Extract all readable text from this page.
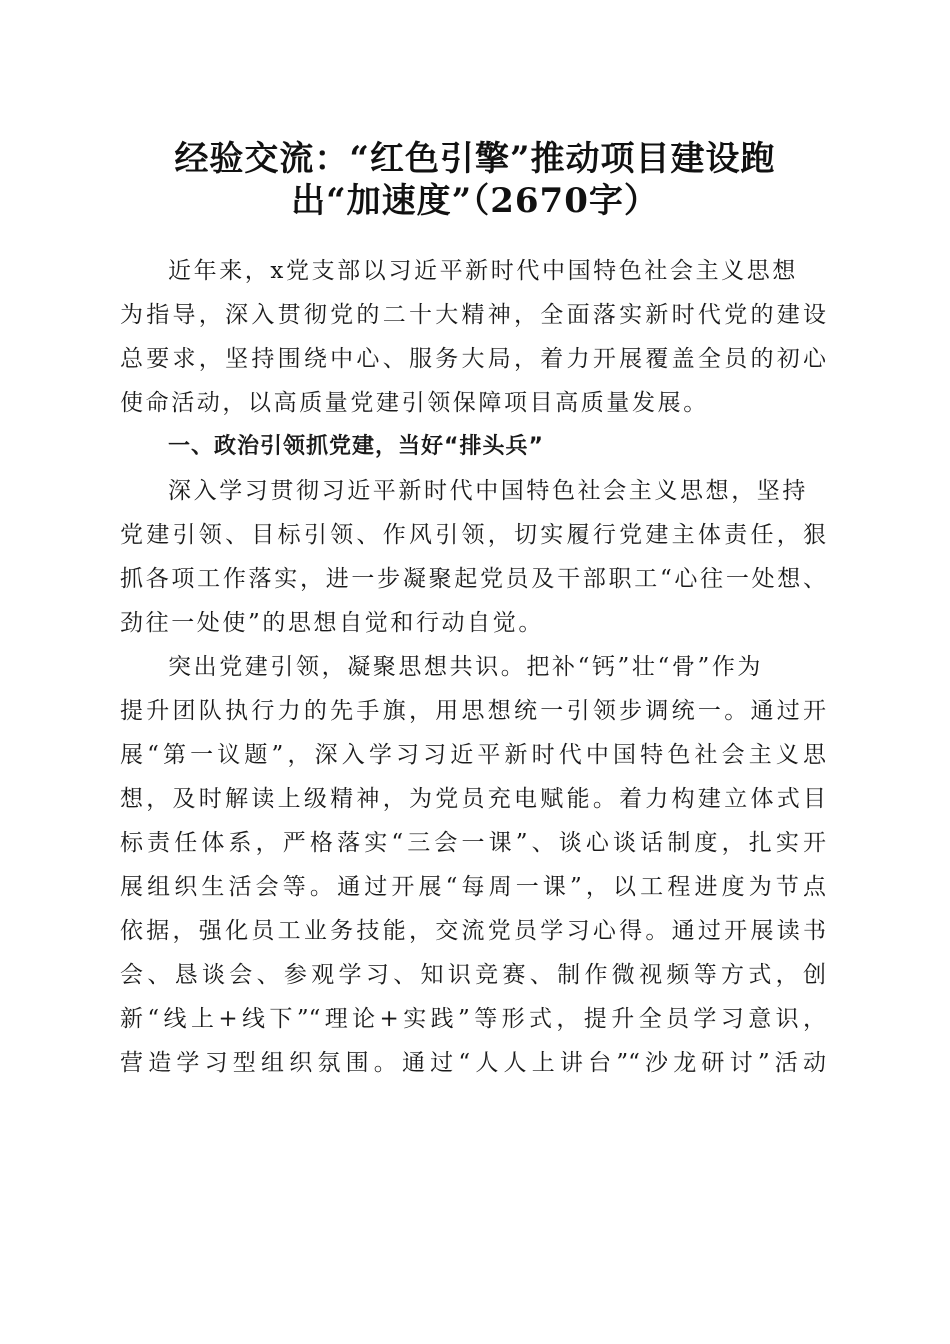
经验交流：“红色引擎”推动项目建设跑
出“加速度”（2670字）
近年来，x党支部以习近平新时代中国特色社会主义思想
为指导，深入贯彻党的二十大精神，全面落实新时代党的建设
总要求，坚持围绕中心、服务大局，着力开展覆盖全员的初心
使命活动，以高质量党建引领保障项目高质量发展。
一、政治引领抓党建，当好“排头兵”
深入学习贯彻习近平新时代中国特色社会主义思想，坚持
党建引领、目标引领、作风引领，切实履行党建主体责任，狠
抓各项工作落实，进一步凝聚起党员及干部职工“心往一处想、
劲往一处使”的思想自觉和行动自觉。
突出党建引领，凝聚思想共识。把补“钙”壮“骨”作为
提升团队执行力的先手旗，用思想统一引领步调统一。通过开
展“第一议题”，深入学习习近平新时代中国特色社会主义思
想，及时解读上级精神，为党员充电赋能。着力构建立体式目
标责任体系，严格落实“三会一课”、谈心谈话制度，扎实开
展组织生活会等。通过开展“每周一课”，以工程进度为节点
依据，强化员工业务技能，交流党员学习心得。通过开展读书
会、恳谈会、参观学习、知识竞赛、制作微视频等方式，创
新“线上+线下”“理论+实践”等形式，提升全员学习意识，
营造学习型组织氛围。通过“人人上讲台”“沙龙研讨”活动
